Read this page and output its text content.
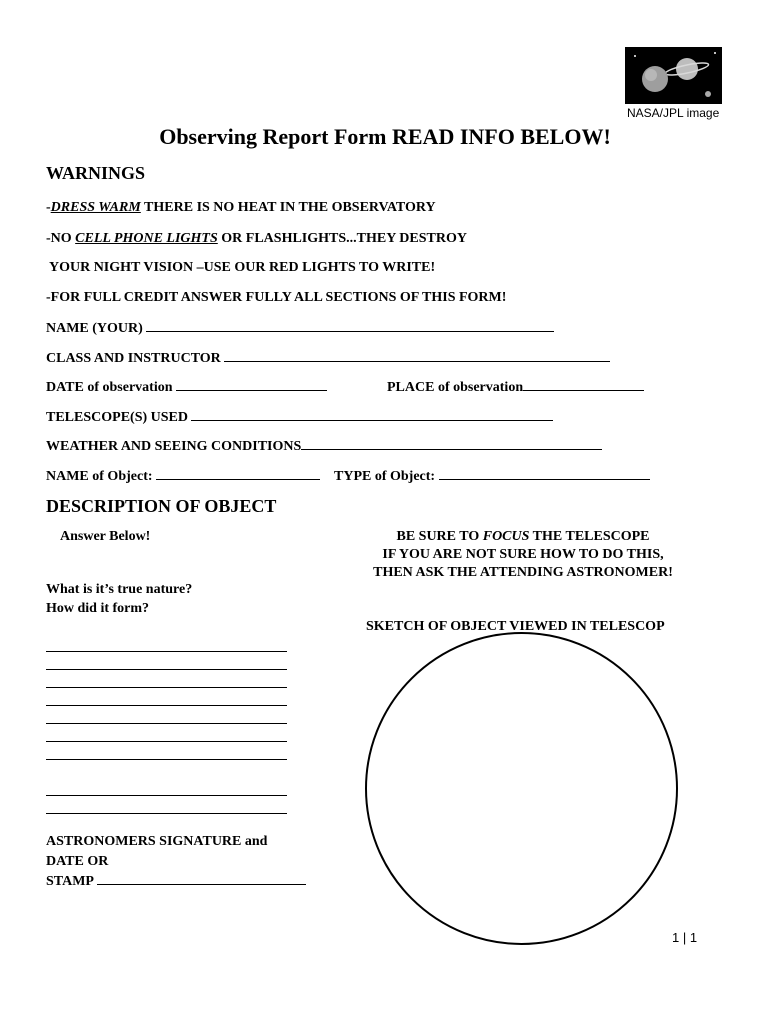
NASA/JPL image
Observing Report Form READ INFO BELOW!
WARNINGS
-DRESS WARM THERE IS NO HEAT IN THE OBSERVATORY
-NO CELL PHONE LIGHTS OR FLASHLIGHTS...THEY DESTROY
YOUR NIGHT VISION –USE OUR RED LIGHTS TO WRITE!
-FOR FULL CREDIT ANSWER FULLY ALL SECTIONS OF THIS FORM!
NAME (YOUR)
CLASS AND INSTRUCTOR
DATE of observation	PLACE of observation
TELESCOPE(S) USED
WEATHER AND SEEING CONDITIONS
NAME of Object:	TYPE of Object:
DESCRIPTION OF OBJECT
Answer Below!	BE SURE TO FOCUS THE TELESCOPE
IF YOU ARE NOT SURE HOW TO DO THIS,
THEN ASK THE ATTENDING ASTRONOMER!
What is it’s true nature?
How did it form?
SKETCH OF OBJECT VIEWED IN TELESCOP
ASTRONOMERS SIGNATURE and
DATE OR
STAMP
1 | 1
